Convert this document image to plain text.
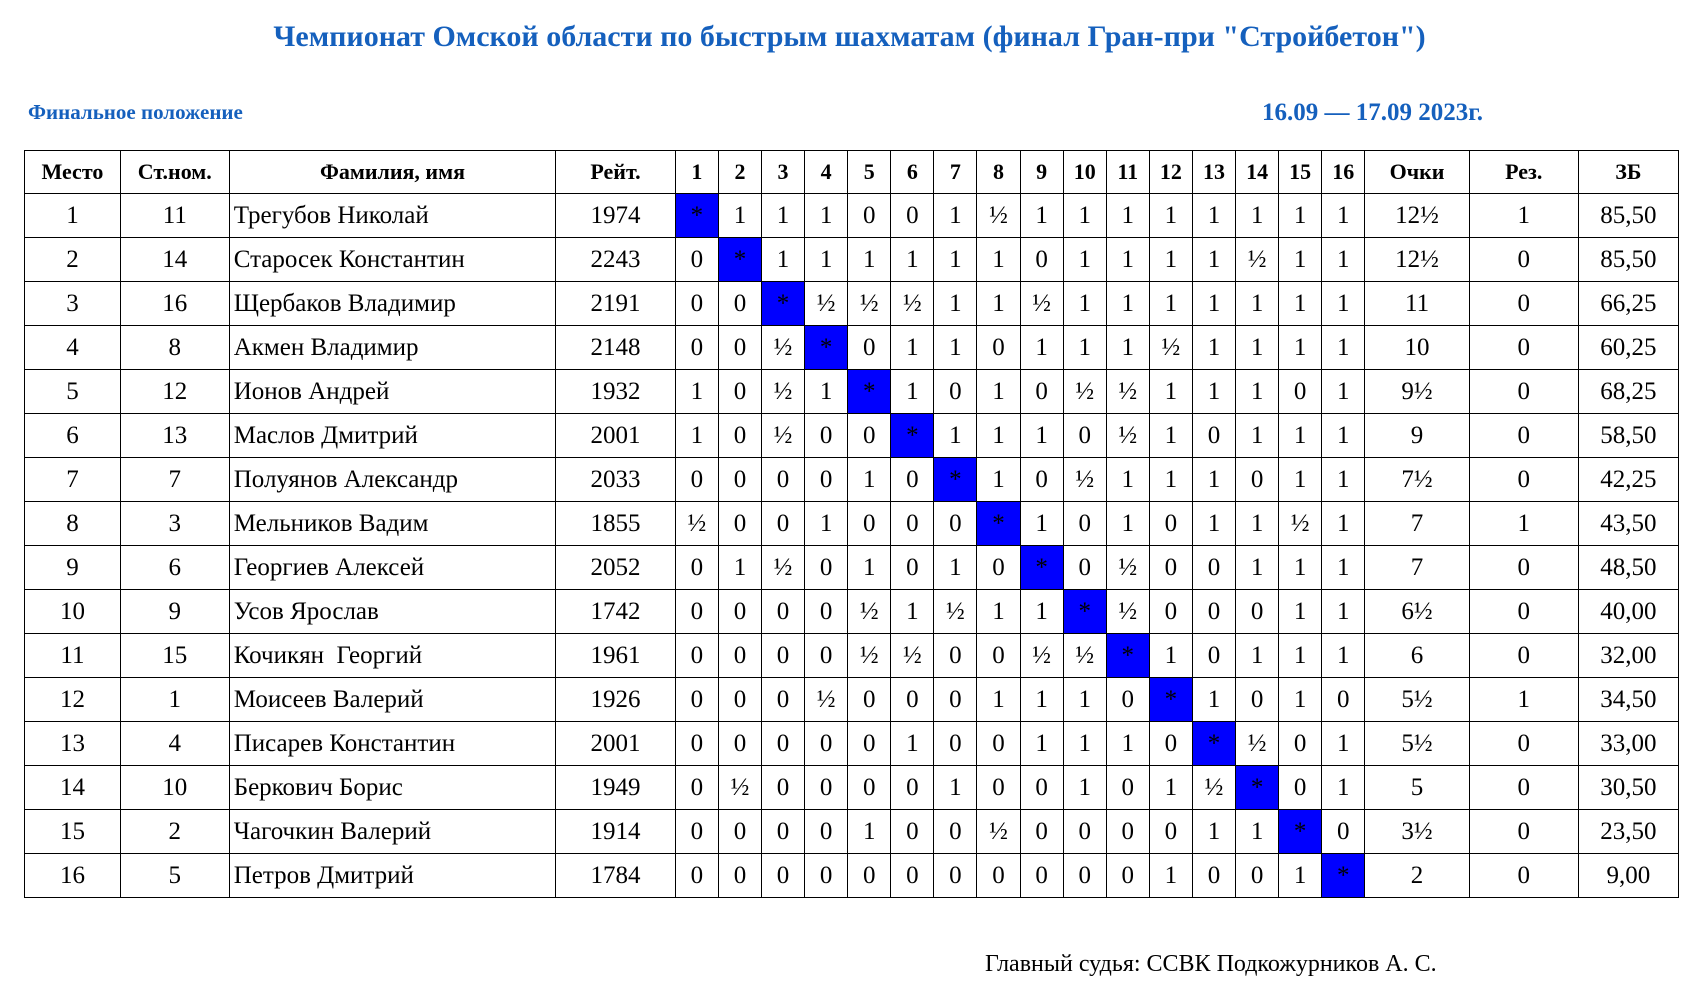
Чемпионат Омской области по быстрым шахматам (финал Гран-при "Стройбетон")
Финальное положение	16.09 — 17.09 2023г.
Место	Ст.ном.	Фамилия, имя	Рейт.	1	2	3	4	5	6	7	8	9	10	11	12	13	14	15	16	Очки	Рез.	ЗБ
1	11	Трегубов Николай	1974	*	1	1	1	0	0	1	½	1	1	1	1	1	1	1	1	12½	1	85,50
2	14	Старосек Константин	2243	0	*	1	1	1	1	1	1	0	1	1	1	1	½	1	1	12½	0	85,50
3	16	Щербаков Владимир	2191	0	0	*	½	½	½	1	1	½	1	1	1	1	1	1	1	11	0	66,25
4	8	Акмен Владимир	2148	0	0	½	*	0	1	1	0	1	1	1	½	1	1	1	1	10	0	60,25
5	12	Ионов Андрей	1932	1	0	½	1	*	1	0	1	0	½	½	1	1	1	0	1	9½	0	68,25
6	13	Маслов Дмитрий	2001	1	0	½	0	0	*	1	1	1	0	½	1	0	1	1	1	9	0	58,50
7	7	Полуянов Александр	2033	0	0	0	0	1	0	*	1	0	½	1	1	1	0	1	1	7½	0	42,25
8	3	Мельников Вадим	1855	½	0	0	1	0	0	0	*	1	0	1	0	1	1	½	1	7	1	43,50
9	6	Георгиев Алексей	2052	0	1	½	0	1	0	1	0	*	0	½	0	0	1	1	1	7	0	48,50
10	9	Усов Ярослав	1742	0	0	0	0	½	1	½	1	1	*	½	0	0	0	1	1	6½	0	40,00
11	15	Кочикян  Георгий	1961	0	0	0	0	½	½	0	0	½	½	*	1	0	1	1	1	6	0	32,00
12	1	Моисеев Валерий	1926	0	0	0	½	0	0	0	1	1	1	0	*	1	0	1	0	5½	1	34,50
13	4	Писарев Константин	2001	0	0	0	0	0	1	0	0	1	1	1	0	*	½	0	1	5½	0	33,00
14	10	Беркович Борис	1949	0	½	0	0	0	0	1	0	0	1	0	1	½	*	0	1	5	0	30,50
15	2	Чагочкин Валерий	1914	0	0	0	0	1	0	0	½	0	0	0	0	1	1	*	0	3½	0	23,50
16	5	Петров Дмитрий	1784	0	0	0	0	0	0	0	0	0	0	0	1	0	0	1	*	2	0	9,00
Главный судья: ССВК Подкожурников А. С.
